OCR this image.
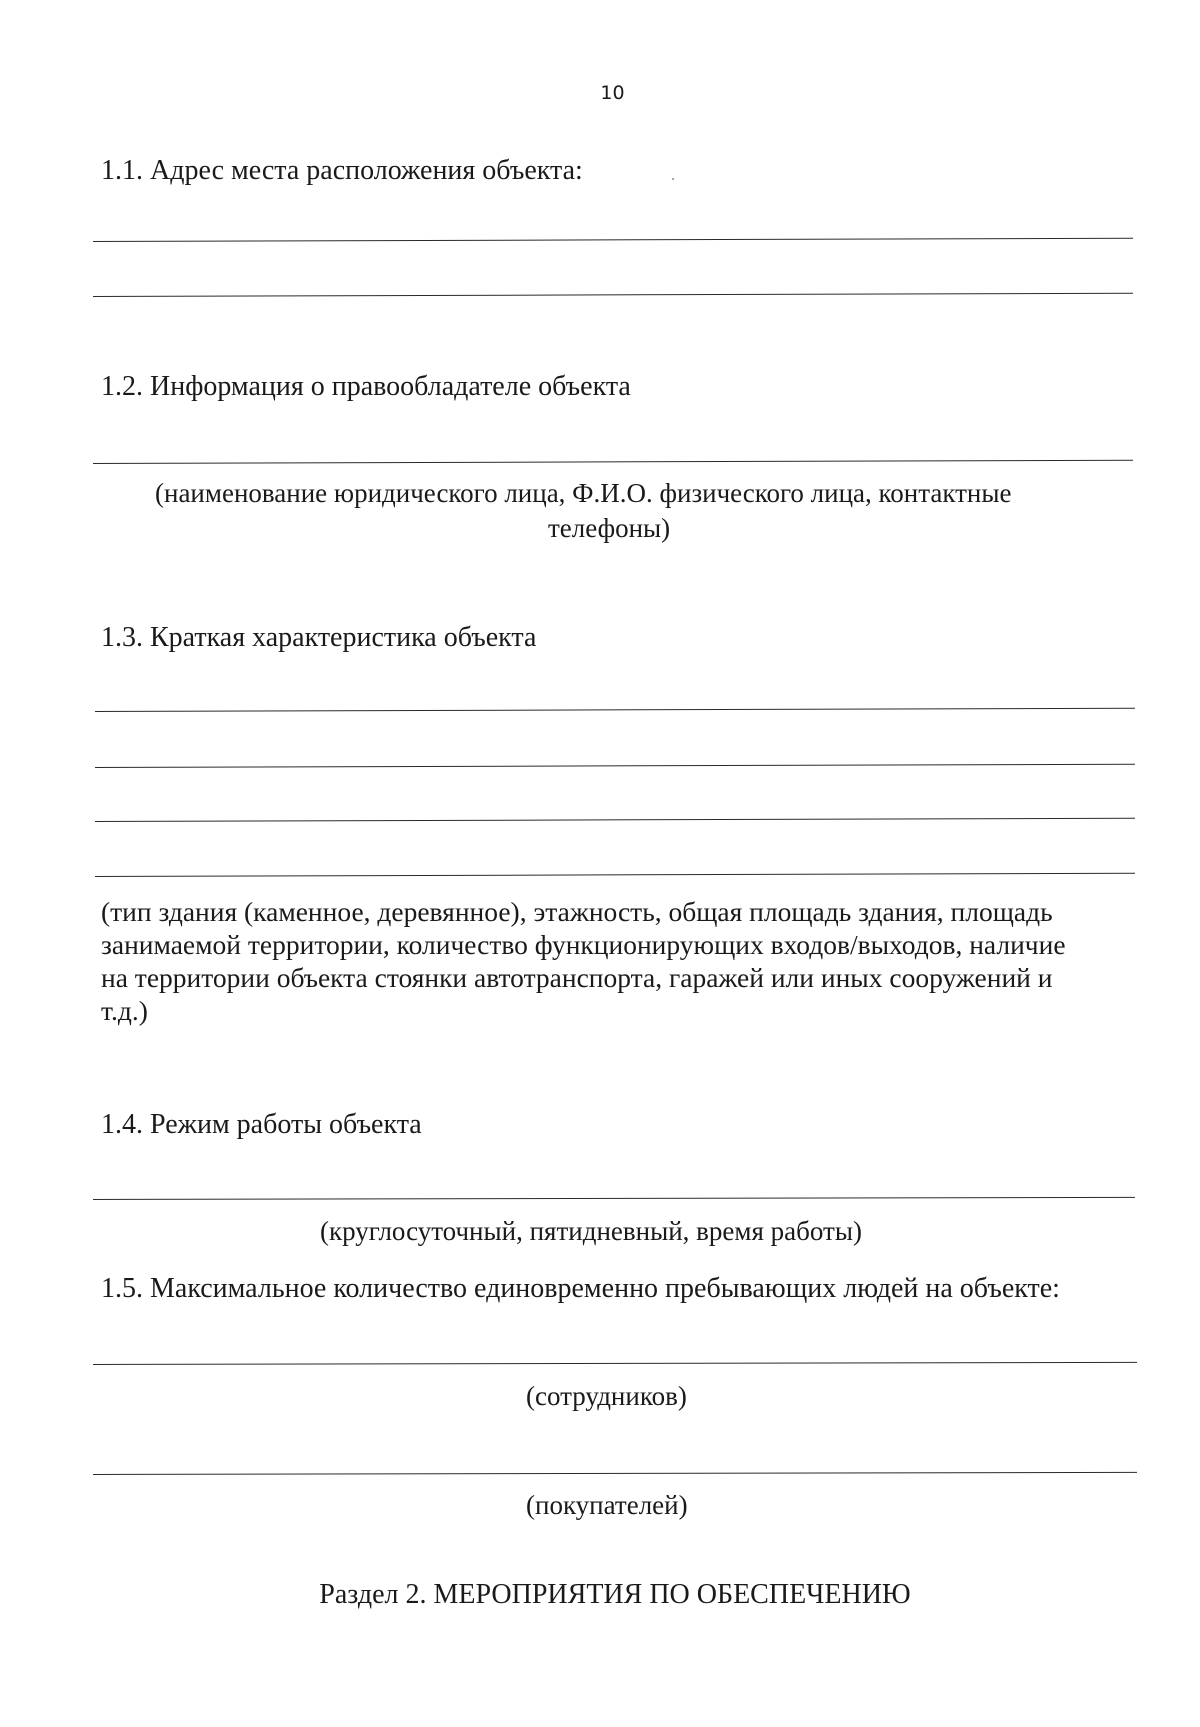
10
1.1. Адрес места расположения объекта:
1.2. Информация о правообладателе объекта
(наименование юридического лица, Ф.И.О. физического лица, контактные
телефоны)
1.3. Краткая характеристика объекта
(тип здания (каменное, деревянное), этажность, общая площадь здания, площадь
занимаемой территории, количество функционирующих входов/выходов, наличие
на территории объекта стоянки автотранспорта, гаражей или иных сооружений и
т.д.)
1.4. Режим работы объекта
(круглосуточный, пятидневный, время работы)
1.5. Максимальное количество единовременно пребывающих людей на объекте:
(сотрудников)
(покупателей)
Раздел 2. МЕРОПРИЯТИЯ ПО ОБЕСПЕЧЕНИЮ
